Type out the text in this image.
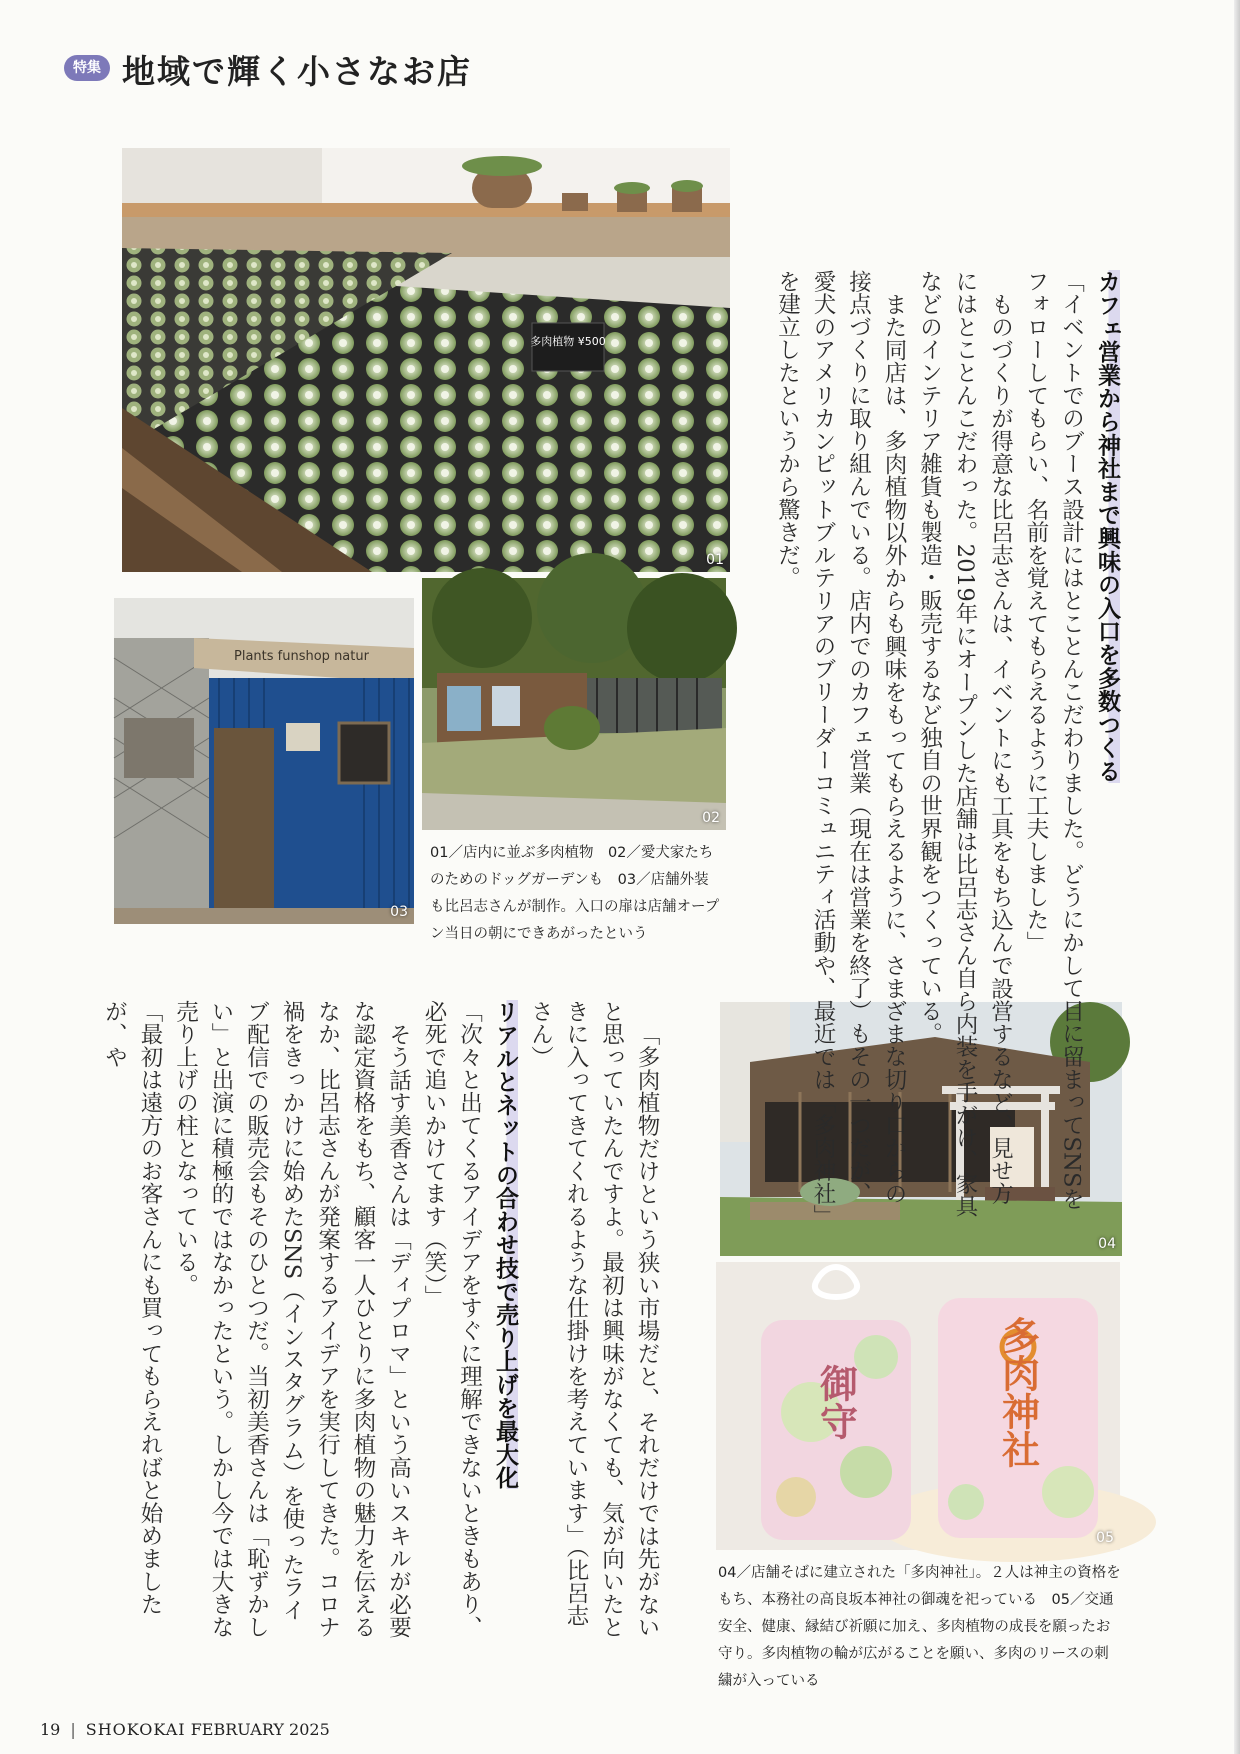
特集 地域で輝く小さなお店
多肉植物 ¥500
01
Plants funshop natur
03
02

01／店内に並ぶ多肉植物　02／愛犬家たちのためのドッグガーデンも　03／店舗外装も比呂志さんが制作。入口の扉は店舗オープン当日の朝にできあがったという

04
御守	多肉神社
05

04／店舗そばに建立された「多肉神社」。２人は神主の資格をもち、本務社の高良坂本神社の御魂を祀っている　05／交通安全、健康、縁結び祈願に加え、多肉植物の成長を願ったお守り。多肉植物の輪が広がることを願い、多肉のリースの刺繍が入っている

カフェ営業から神社まで興味の入口を多数つくる

「イベントでのブース設計にはとことんこだわりました。どうにかして目に留まってSNSをフォローしてもらい、名前を覚えてもらえるように工夫しました」

ものづくりが得意な比呂志さんは、イベントにも工具をもち込んで設営するなど、見せ方にはとことんこだわった。2019年にオープンした店舗は比呂志さん自ら内装を手がけ、家具などのインテリア雑貨も製造・販売するなど独自の世界観をつくっている。

また同店は、多肉植物以外からも興味をもってもらえるように、さまざまな切り口からの接点づくりに取り組んでいる。店内でのカフェ営業（現在は営業を終了）もその一つだが、愛犬のアメリカンピットブルテリアのブリーダーコミュニティ活動や、最近では「多肉神社」を建立したというから驚きだ。

「多肉植物だけという狭い市場だと、それだけでは先がないと思っていたんですよ。最初は興味がなくても、気が向いたときに入ってきてくれるような仕掛けを考えています」（比呂志さん）

リアルとネットの合わせ技で売り上げを最大化

「次々と出てくるアイデアをすぐに理解できないときもあり、必死で追いかけてます（笑）」

そう話す美香さんは「ディプロマ」という高いスキルが必要な認定資格をもち、顧客一人ひとりに多肉植物の魅力を伝えるなか、比呂志さんが発案するアイデアを実行してきた。コロナ禍をきっかけに始めたSNS（インスタグラム）を使ったライブ配信での販売会もそのひとつだ。当初美香さんは「恥ずかしい」と出演に積極的ではなかったという。しかし今では大きな売り上げの柱となっている。

「最初は遠方のお客さんにも買ってもらえればと始めましたが、や

19 | SHOKOKAI FEBRUARY 2025
